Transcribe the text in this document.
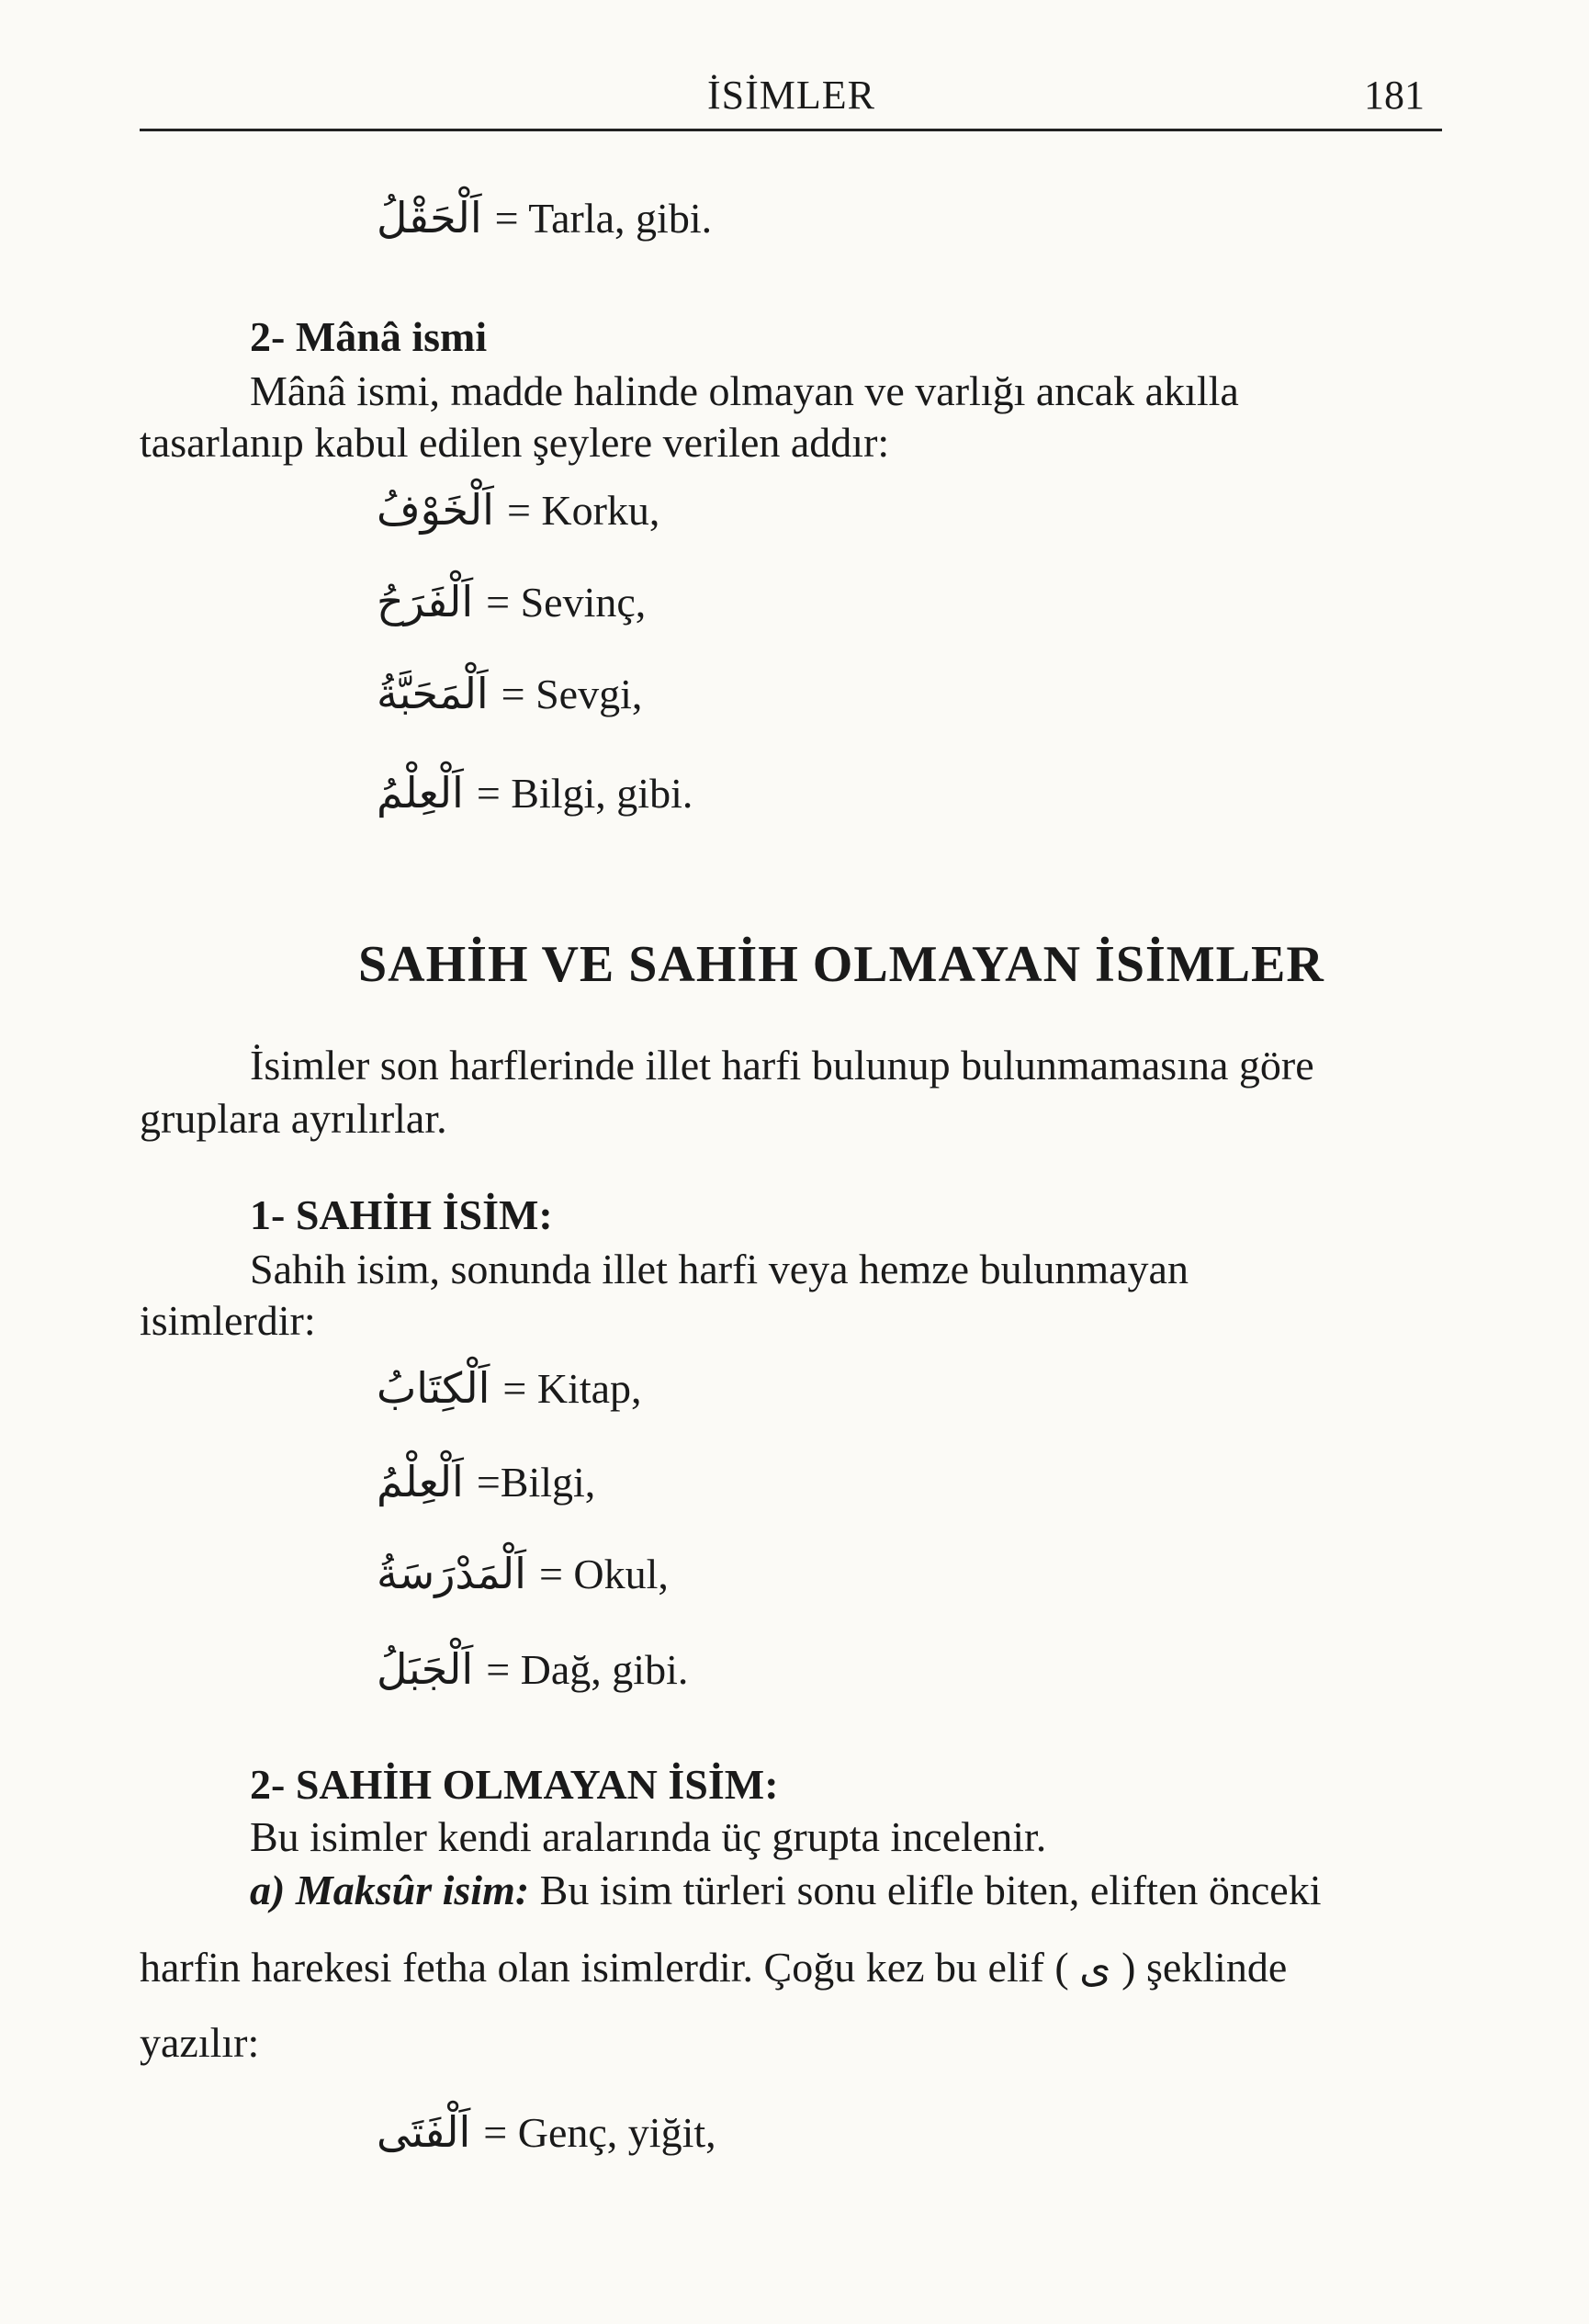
İSİMLER	181
اَلْحَقْلُ = Tarla, gibi.
2- Mânâ ismi
Mânâ ismi, madde halinde olmayan ve varlığı ancak akılla
tasarlanıp kabul edilen şeylere verilen addır:
اَلْخَوْفُ = Korku,
اَلْفَرَحُ = Sevinç,
اَلْمَحَبَّةُ = Sevgi,
اَلْعِلْمُ = Bilgi, gibi.
SAHİH VE SAHİH OLMAYAN İSİMLER
İsimler son harflerinde illet harfi bulunup bulunmamasına göre
gruplara ayrılırlar.
1- SAHİH İSİM:
Sahih isim, sonunda illet harfi veya hemze bulunmayan
isimlerdir:
اَلْكِتَابُ = Kitap,
اَلْعِلْمُ =Bilgi,
اَلْمَدْرَسَةُ = Okul,
اَلْجَبَلُ = Dağ, gibi.
2- SAHİH OLMAYAN İSİM:
Bu isimler kendi aralarında üç grupta incelenir.
a) Maksûr isim: Bu isim türleri sonu elifle biten, eliften önceki
harfin harekesi fetha olan isimlerdir. Çoğu kez bu elif ( ى ) şeklinde
yazılır:
اَلْفَتَى = Genç, yiğit,
